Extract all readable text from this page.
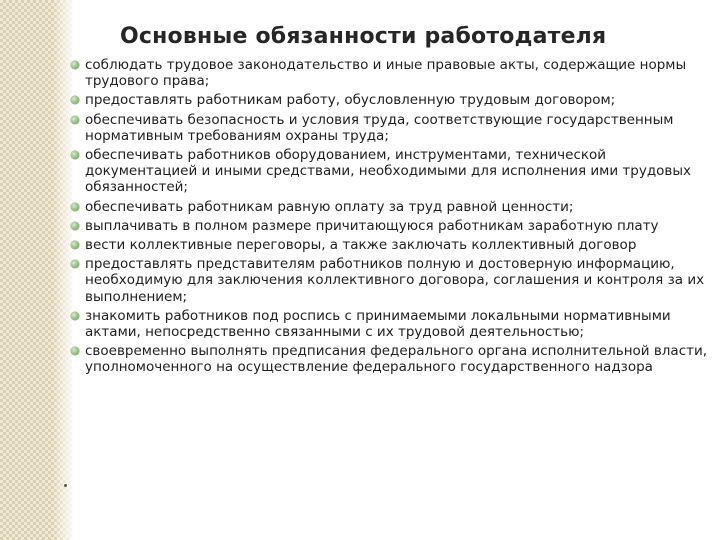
Основные обязанности работодателя
соблюдать трудовое законодательство и иные правовые акты, содержащие нормы трудового права;
предоставлять работникам работу, обусловленную трудовым договором;
обеспечивать безопасность и условия труда, соответствующие государственным нормативным требованиям охраны труда;
обеспечивать работников оборудованием, инструментами, технической документацией и иными средствами, необходимыми для исполнения ими трудовых обязанностей;
обеспечивать работникам равную оплату за труд равной ценности;
выплачивать в полном размере причитающуюся работникам заработную плату
вести коллективные переговоры, а также заключать коллективный договор
предоставлять представителям работников полную и достоверную информацию, необходимую для заключения коллективного договора, соглашения и контроля за их выполнением;
знакомить работников под роспись с принимаемыми локальными нормативными актами, непосредственно связанными с их трудовой деятельностью;
своевременно выполнять предписания федерального органа исполнительной власти, уполномоченного на осуществление федерального государственного надзора
